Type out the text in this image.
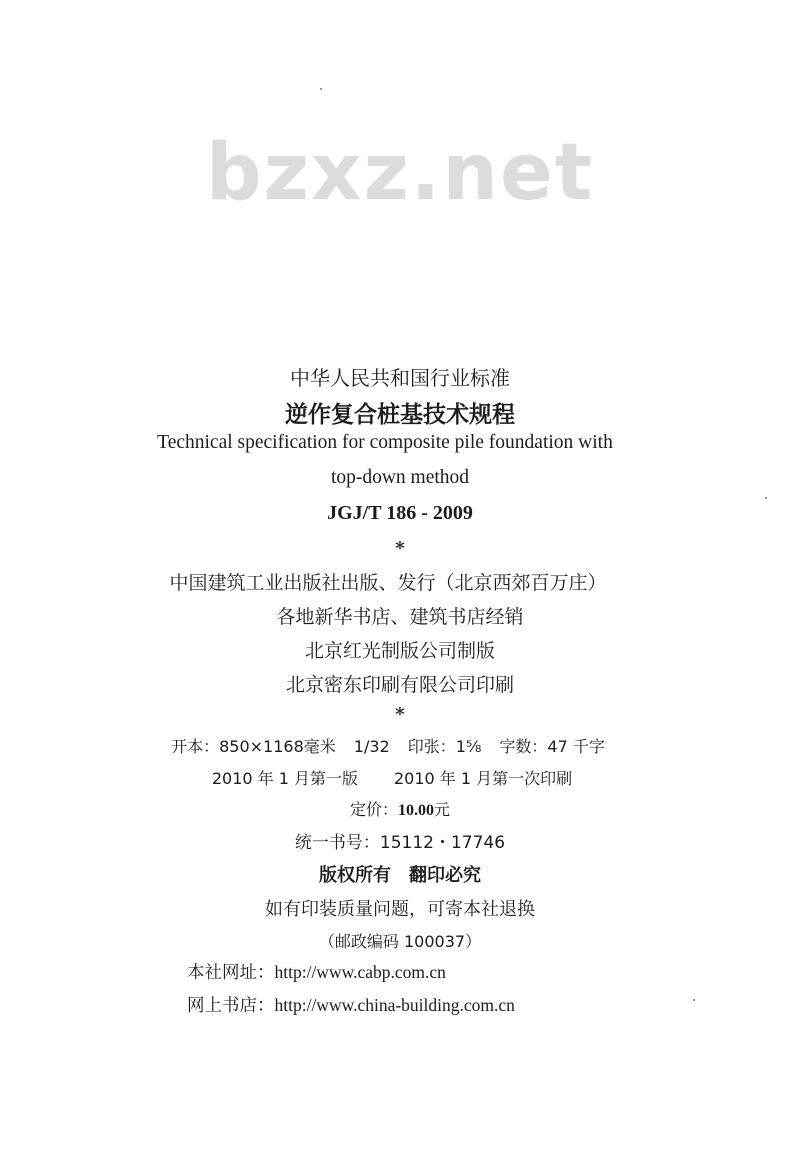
bzxz.net
中华人民共和国行业标准
逆作复合桩基技术规程
Technical specification for composite pile foundation with
top-down method
JGJ/T 186 - 2009
*
中国建筑工业出版社出版、发行（北京西郊百万庄）
各地新华书店、建筑书店经销
北京红光制版公司制版
北京密东印刷有限公司印刷
*
开本：850×1168毫米 1/32 印张：1⅝ 字数：47 千字
2010 年 1 月第一版 2010 年 1 月第一次印刷
定价：10.00元
统一书号：15112・17746
版权所有　翻印必究
如有印装质量问题，可寄本社退换
（邮政编码 100037）
本社网址：http://www.cabp.com.cn
网上书店：http://www.china-building.com.cn
